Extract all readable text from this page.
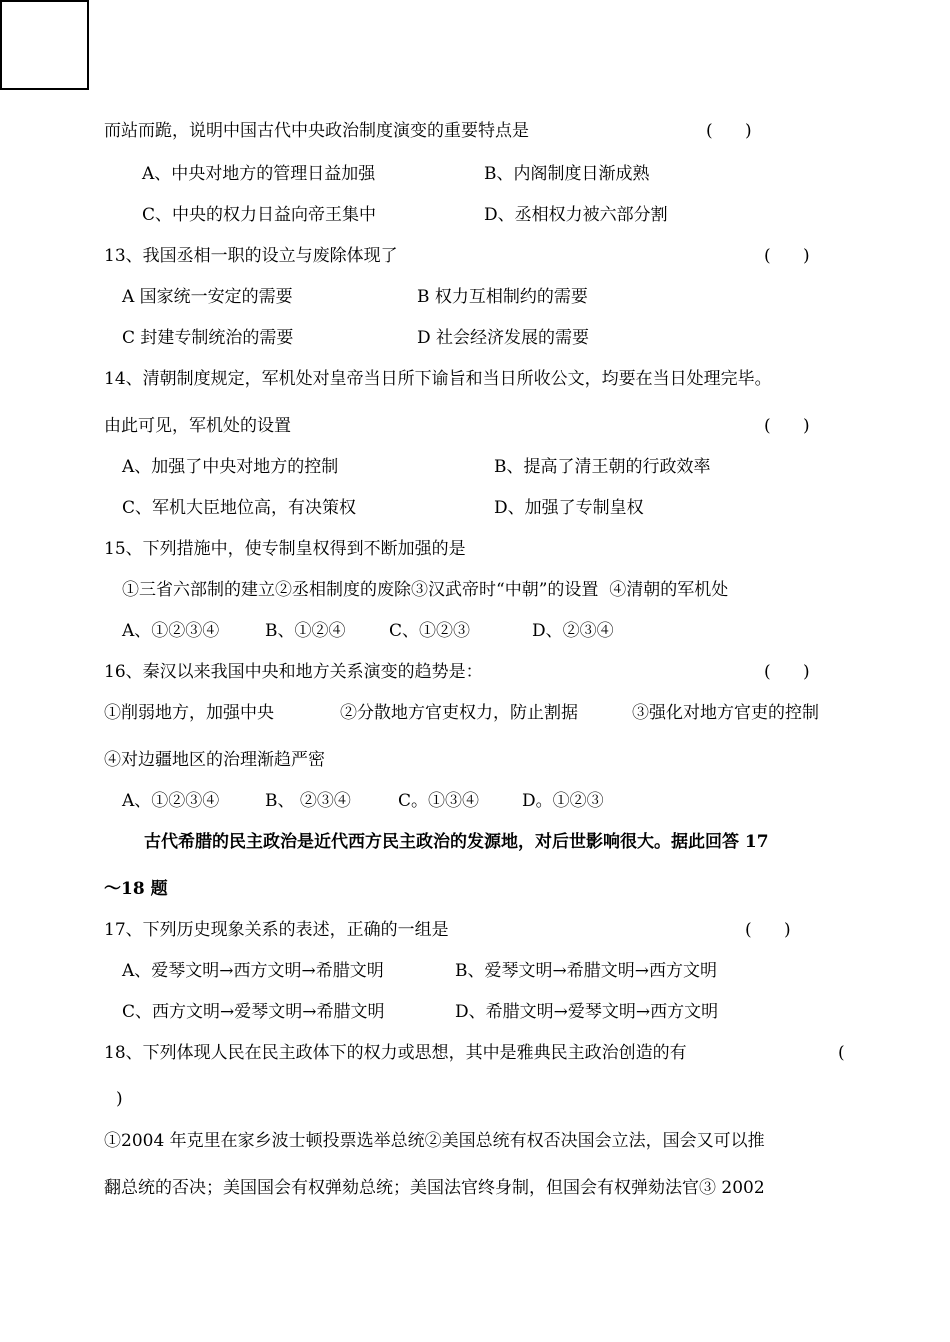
而站而跪，说明中国古代中央政治制度演变的重要特点是	(      )
A、中央对地方的管理日益加强	B、内阁制度日渐成熟
C、中央的权力日益向帝王集中	D、丞相权力被六部分割
13、我国丞相一职的设立与废除体现了	(      )
A 国家统一安定的需要	B 权力互相制约的需要
C 封建专制统治的需要	D 社会经济发展的需要
14、清朝制度规定，军机处对皇帝当日所下谕旨和当日所收公文，均要在当日处理完毕。
由此可见，军机处的设置	(      )
A、加强了中央对地方的控制	B、提高了清王朝的行政效率
C、军机大臣地位高，有决策权	D、加强了专制皇权
15、下列措施中，使专制皇权得到不断加强的是
①三省六部制的建立②丞相制度的废除③汉武帝时“中朝”的设置  ④清朝的军机处
A、①②③④	B、①②④	C、①②③	D、②③④
16、秦汉以来我国中央和地方关系演变的趋势是：	(      )
①削弱地方，加强中央	②分散地方官吏权力，防止割据	③强化对地方官吏的控制
④对边疆地区的治理渐趋严密
A、①②③④	B、 ②③④	C。①③④	D。①②③
古代希腊的民主政治是近代西方民主政治的发源地，对后世影响很大。据此回答 17
～18 题
17、下列历史现象关系的表述，正确的一组是	(      )
A、爱琴文明→西方文明→希腊文明	B、爱琴文明→希腊文明→西方文明
C、西方文明→爱琴文明→希腊文明	D、希腊文明→爱琴文明→西方文明
18、下列体现人民在民主政体下的权力或思想，其中是雅典民主政治创造的有	(
)
①2004 年克里在家乡波士顿投票选举总统②美国总统有权否决国会立法，国会又可以推
翻总统的否决；美国国会有权弹劾总统；美国法官终身制，但国会有权弹劾法官③ 2002
